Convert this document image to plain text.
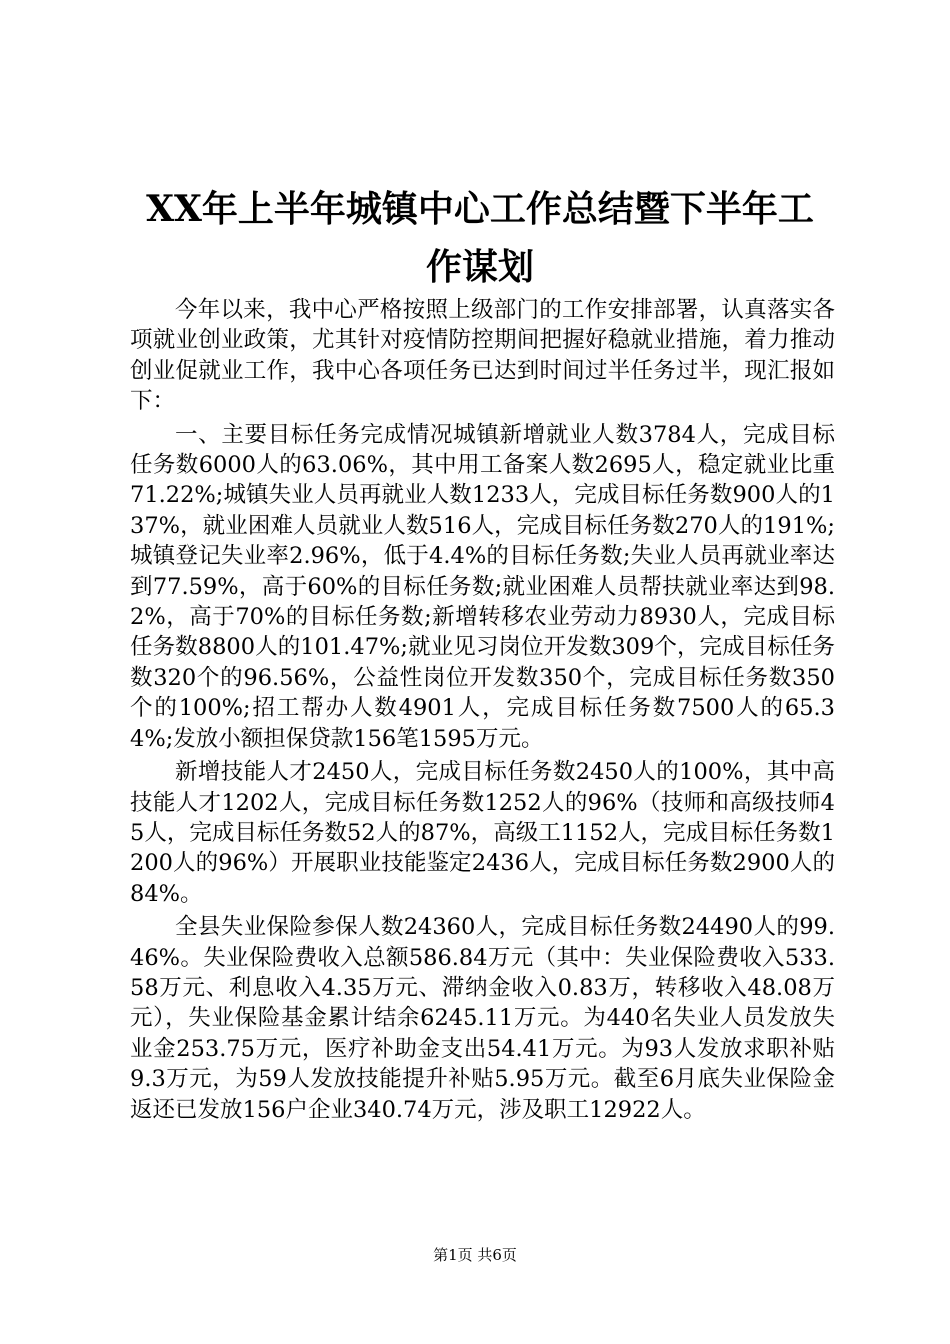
XX年上半年城镇中心工作总结暨下半年工作谋划

今年以来，我中心严格按照上级部门的工作安排部署，认真落实各项就业创业政策，尤其针对疫情防控期间把握好稳就业措施，着力推动创业促就业工作，我中心各项任务已达到时间过半任务过半，现汇报如下：

一、主要目标任务完成情况城镇新增就业人数3784人，完成目标任务数6000人的63.06%，其中用工备案人数2695人，稳定就业比重71.22%;城镇失业人员再就业人数1233人，完成目标任务数900人的137%，就业困难人员就业人数516人，完成目标任务数270人的191%;城镇登记失业率2.96%，低于4.4%的目标任务数;失业人员再就业率达到77.59%，高于60%的目标任务数;就业困难人员帮扶就业率达到98.2%，高于70%的目标任务数;新增转移农业劳动力8930人，完成目标任务数8800人的101.47%;就业见习岗位开发数309个，完成目标任务数320个的96.56%，公益性岗位开发数350个，完成目标任务数350个的100%;招工帮办人数4901人，完成目标任务数7500人的65.34%;发放小额担保贷款156笔1595万元。

新增技能人才2450人，完成目标任务数2450人的100%，其中高技能人才1202人，完成目标任务数1252人的96%（技师和高级技师45人，完成目标任务数52人的87%，高级工1152人，完成目标任务数1200人的96%）开展职业技能鉴定2436人，完成目标任务数2900人的84%。

全县失业保险参保人数24360人，完成目标任务数24490人的99.46%。失业保险费收入总额586.84万元（其中：失业保险费收入533.58万元、利息收入4.35万元、滞纳金收入0.83万，转移收入48.08万元），失业保险基金累计结余6245.11万元。为440名失业人员发放失业金253.75万元，医疗补助金支出54.41万元。为93人发放求职补贴9.3万元，为59人发放技能提升补贴5.95万元。截至6月底失业保险金返还已发放156户企业340.74万元，涉及职工12922人。

第1页 共6页
